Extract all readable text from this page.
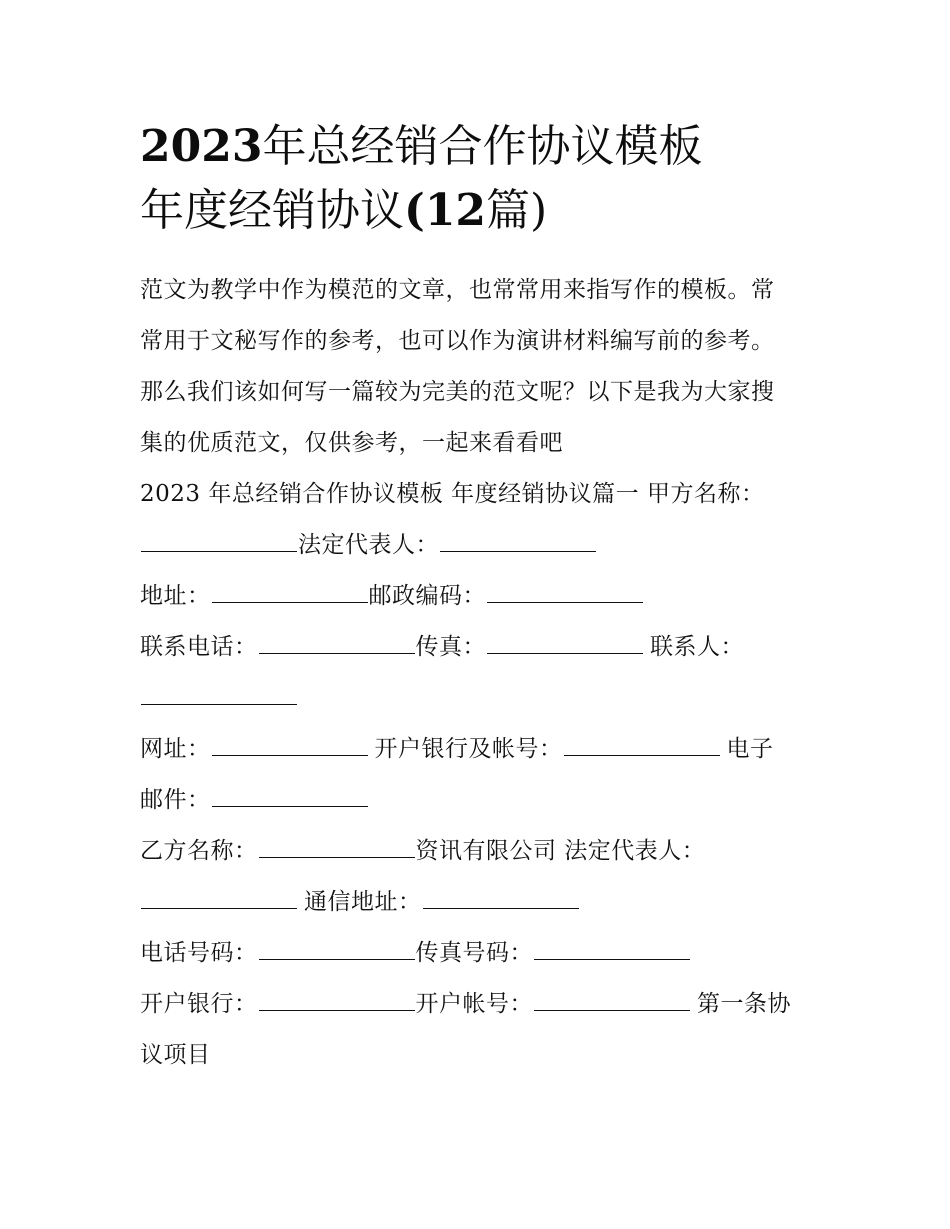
2023年总经销合作协议模板
年度经销协议(12篇)
范文为教学中作为模范的文章，也常常用来指写作的模板。常
常用于文秘写作的参考，也可以作为演讲材料编写前的参考。
那么我们该如何写一篇较为完美的范文呢？以下是我为大家搜
集的优质范文，仅供参考，一起来看看吧
2023 年总经销合作协议模板 年度经销协议篇一 甲方名称：
法定代表人：
地址：	邮政编码：
联系电话：	传真：	联系人：
网址：	开户银行及帐号：	电子
邮件：
乙方名称：	资讯有限公司 法定代表人：
通信地址：
电话号码：	传真号码：
开户银行：	开户帐号：	第一条协
议项目
